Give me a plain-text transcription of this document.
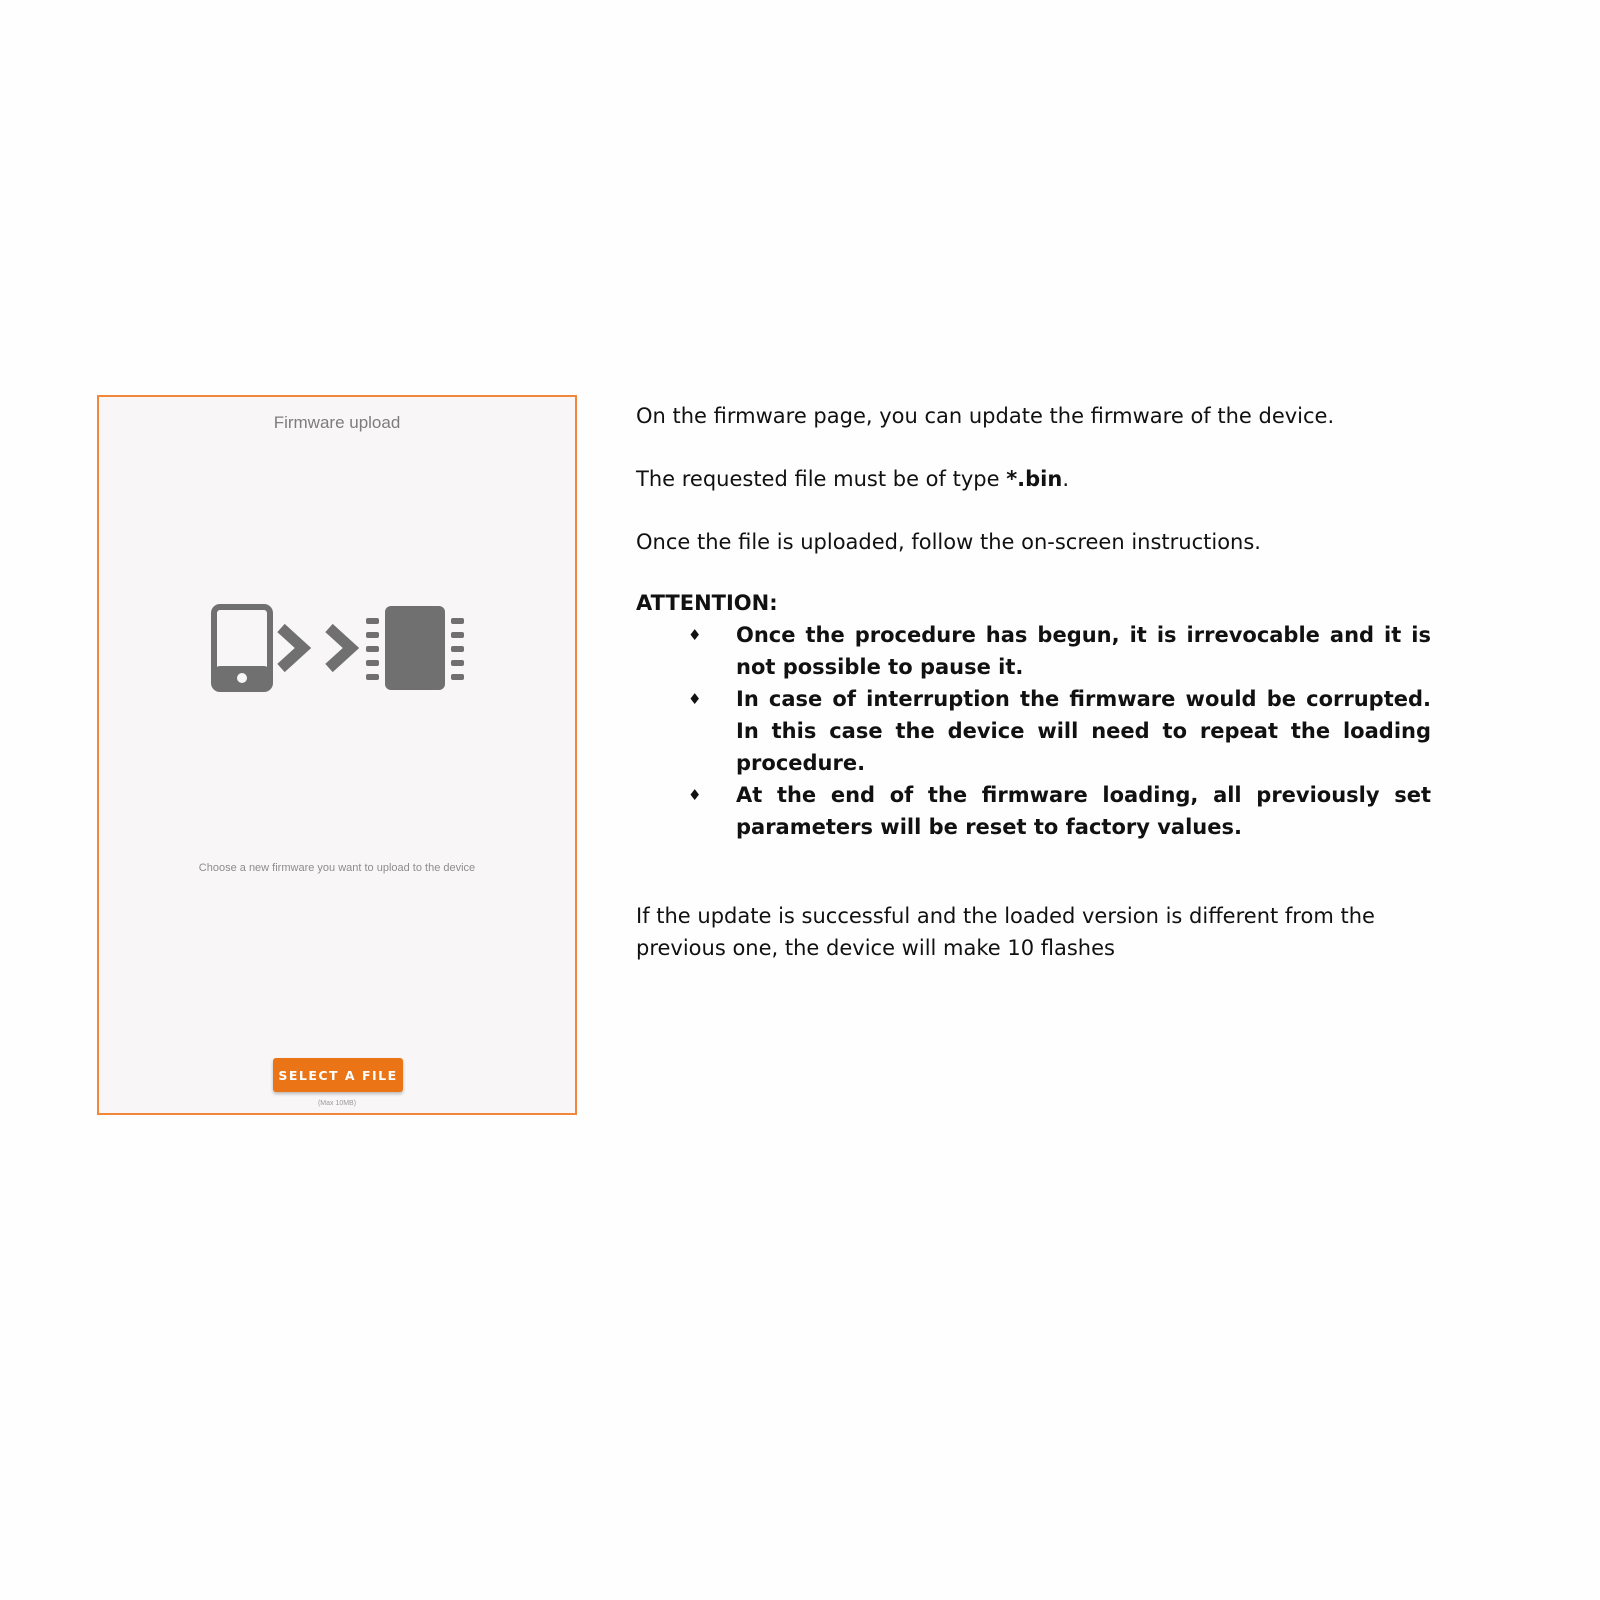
Firmware upload
Choose a new firmware you want to upload to the device
SELECT A FILE
(Max 10MB)

On the firmware page, you can update the firmware of the device.

The requested file must be of type *.bin.

Once the file is uploaded, follow the on-screen instructions.

ATTENTION:

♦ Once the procedure has begun, it is irrevocable and it is not possible to pause it.
♦ In case of interruption the firmware would be corrupted. In this case the device will need to repeat the loading procedure.
♦ At the end of the firmware loading, all previously set parameters will be reset to factory values.

If the update is successful and the loaded version is different from the previous one, the device will make 10 flashes
